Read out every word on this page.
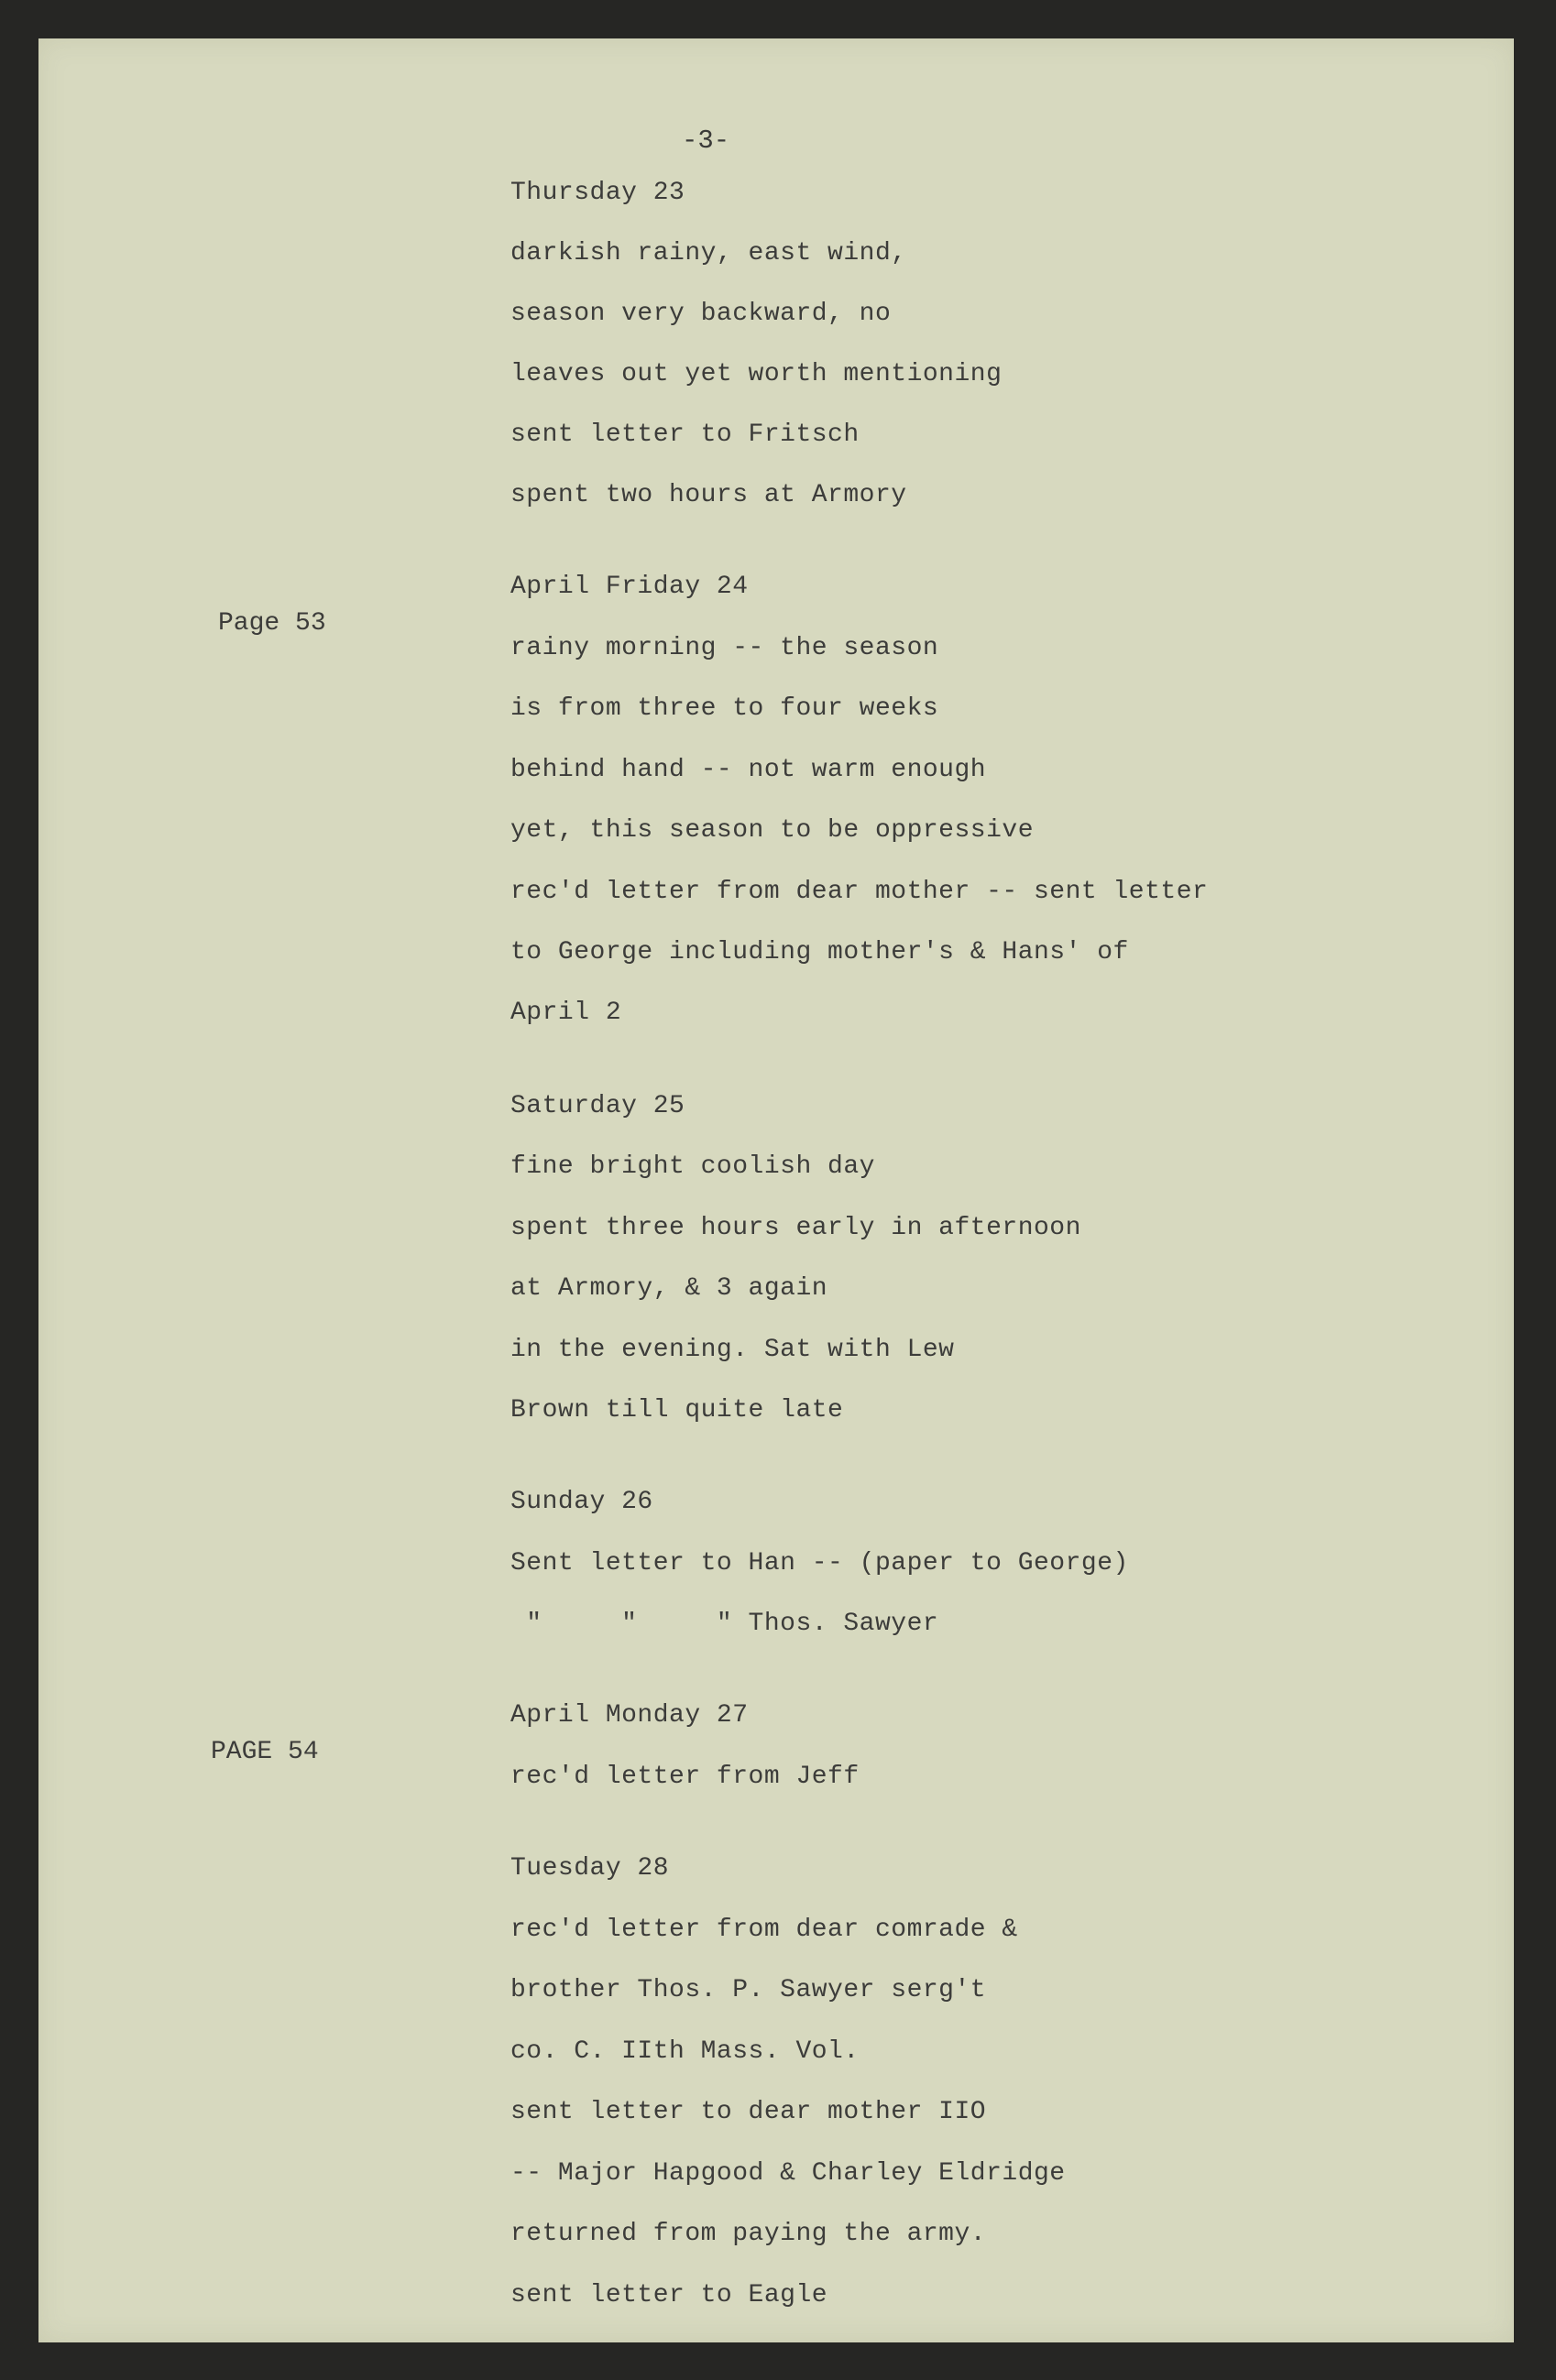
-3-
Page 53
PAGE 54
Thursday 23
darkish rainy, east wind,
season very backward, no
leaves out yet worth mentioning
sent letter to Fritsch
spent two hours at Armory
April Friday 24
rainy morning -- the season
is from three to four weeks
behind hand -- not warm enough
yet, this season to be oppressive
rec'd letter from dear mother -- sent letter
to George including mother's & Hans' of
April 2
Saturday 25
fine bright coolish day
spent three hours early in afternoon
at Armory, & 3 again
in the evening. Sat with Lew
Brown till quite late
Sunday 26
Sent letter to Han -- (paper to George)
"     "     " Thos. Sawyer
April Monday 27
rec'd letter from Jeff
Tuesday 28
rec'd letter from dear comrade &
brother Thos. P. Sawyer serg't
co. C. IIth Mass. Vol.
sent letter to dear mother IIO
-- Major Hapgood & Charley Eldridge
returned from paying the army.
sent letter to Eagle
